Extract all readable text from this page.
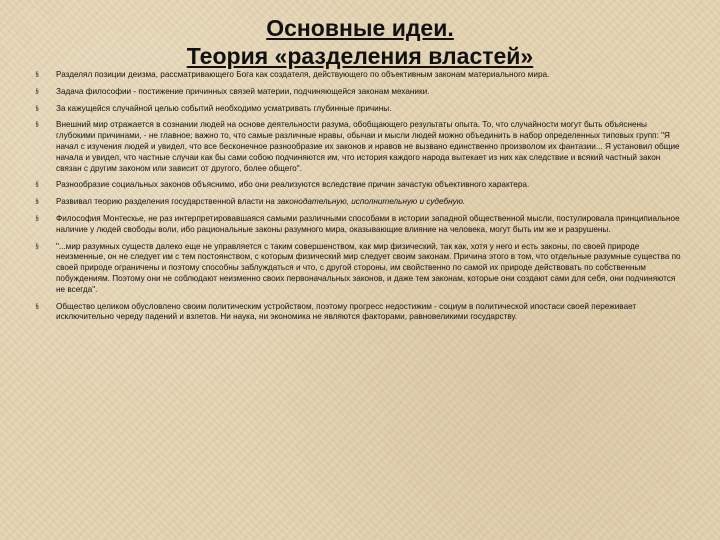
Основные идеи.
Теория «разделения властей»
§	Разделял позиции деизма, рассматривающего Бога как создателя, действующего по объективным законам материального мира.
§	Задача философии - постижение причинных связей материи, подчиняющейся законам механики.
§	За кажущейся случайной целью событий необходимо усматривать глубинные причины.
§	Внешний мир отражается в сознании людей на основе деятельности разума, обобщающего результаты опыта. То, что случайности могут быть объяснены глубокими причинами, - не главное; важно то, что самые различные нравы, обычаи и мысли людей можно объединить в набор определенных типовых групп: "Я начал с изучения людей и увидел, что все бесконечное разнообразие их законов и нравов не вызвано единственно произволом их фантазии... Я установил общие начала и увидел, что частные случаи как бы сами собою подчиняются им, что история каждого народа вытекает из них как следствие и всякий частный закон связан с другим законом или зависит от другого, более общего".
§	Разнообразие социальных законов объяснимо, ибо они реализуются вследствие причин зачастую объективного характера.
§	Развивал теорию разделения государственной власти на законодательную, исполнительную и судебную.
§	Философия Монтескье, не раз интерпретировавшаяся самыми различными способами в истории западной общественной мысли, постулировала принципиальное наличие у людей свободы воли, ибо рациональные законы разумного мира, оказывающие влияние на человека, могут быть им же и разрушены.
§	"...мир разумных существ далеко еще не управляется с таким совершенством, как мир физический, так как, хотя у него и есть законы, по своей природе неизменные, он не следует им с тем постоянством, с которым физический мир следует своим законам. Причина этого в том, что отдельные разумные существа по своей природе ограничены и поэтому способны заблуждаться и что, с другой стороны, им свойственно по самой их природе действовать по собственным побуждениям. Поэтому они не соблюдают неизменно своих первоначальных законов, и даже тем законам, которые они создают сами для себя, они подчиняются не всегда".
§	Общество целиком обусловлено своим политическим устройством, поэтому прогресс недостижим - социум в политической ипостаси своей переживает исключительно череду падений и взлетов. Ни наука, ни экономика не являются факторами, равновеликими государству.
